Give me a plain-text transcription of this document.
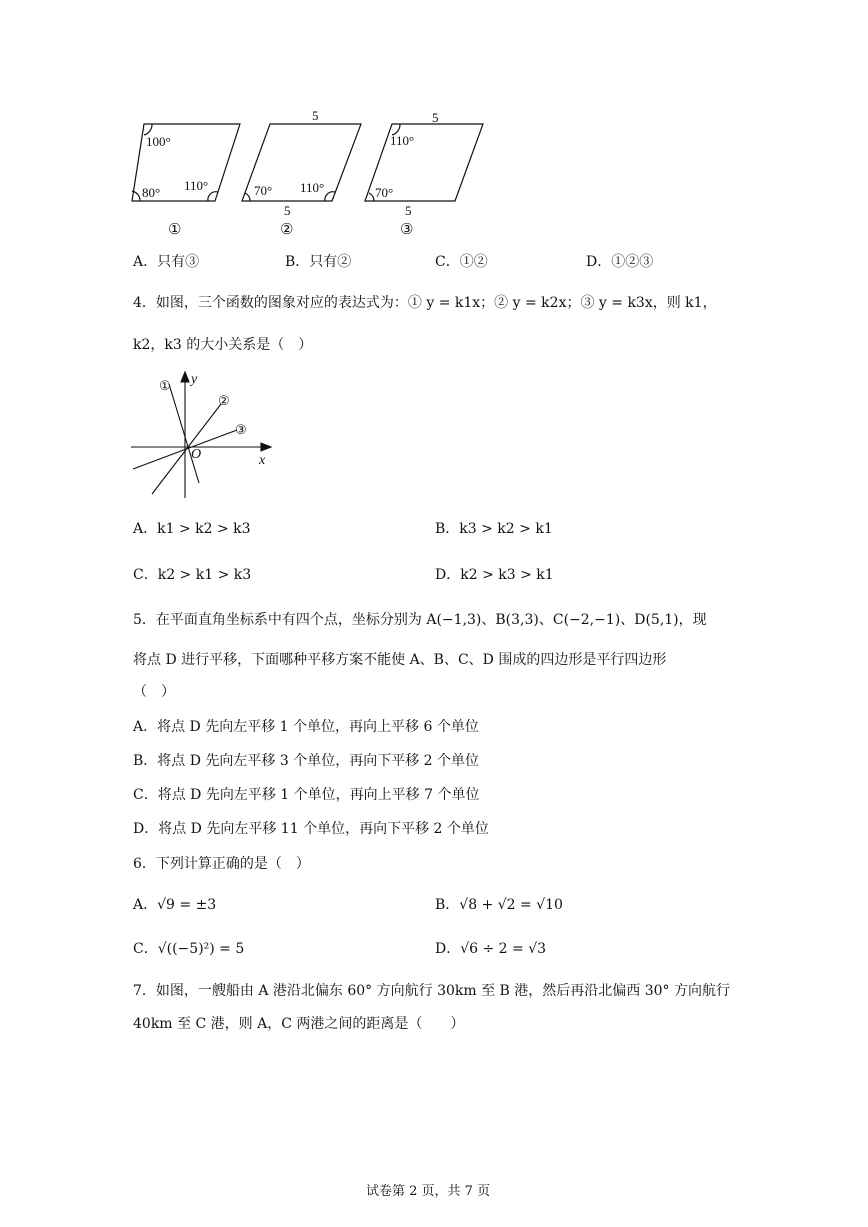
100°
80° 110°
①
5
70° 110°
5
②
5
110°
70°
5
③
A．只有③	B．只有②	C．①②	D．①②③
4．如图，三个函数的图象对应的表达式为：① y = k1x；② y = k2x；③ y = k3x，则 k1，
k2，k3 的大小关系是（　）
y
x
O
①
②
③
A．k1 > k2 > k3	B．k3 > k2 > k1
C．k2 > k1 > k3	D．k2 > k3 > k1
5．在平面直角坐标系中有四个点，坐标分别为 A(−1,3)、B(3,3)、C(−2,−1)、D(5,1)，现
将点 D 进行平移，下面哪种平移方案不能使 A、B、C、D 围成的四边形是平行四边形
（　）
A．将点 D 先向左平移 1 个单位，再向上平移 6 个单位
B．将点 D 先向左平移 3 个单位，再向下平移 2 个单位
C．将点 D 先向左平移 1 个单位，再向上平移 7 个单位
D．将点 D 先向左平移 11 个单位，再向下平移 2 个单位
6．下列计算正确的是（　）
A．√9 = ±3	B．√8 + √2 = √10
C．√((−5)²) = 5	D．√6 ÷ 2 = √3
7．如图，一艘船由 A 港沿北偏东 60° 方向航行 30km 至 B 港，然后再沿北偏西 30° 方向航行
40km 至 C 港，则 A，C 两港之间的距离是（　　）
试卷第 2 页，共 7 页
